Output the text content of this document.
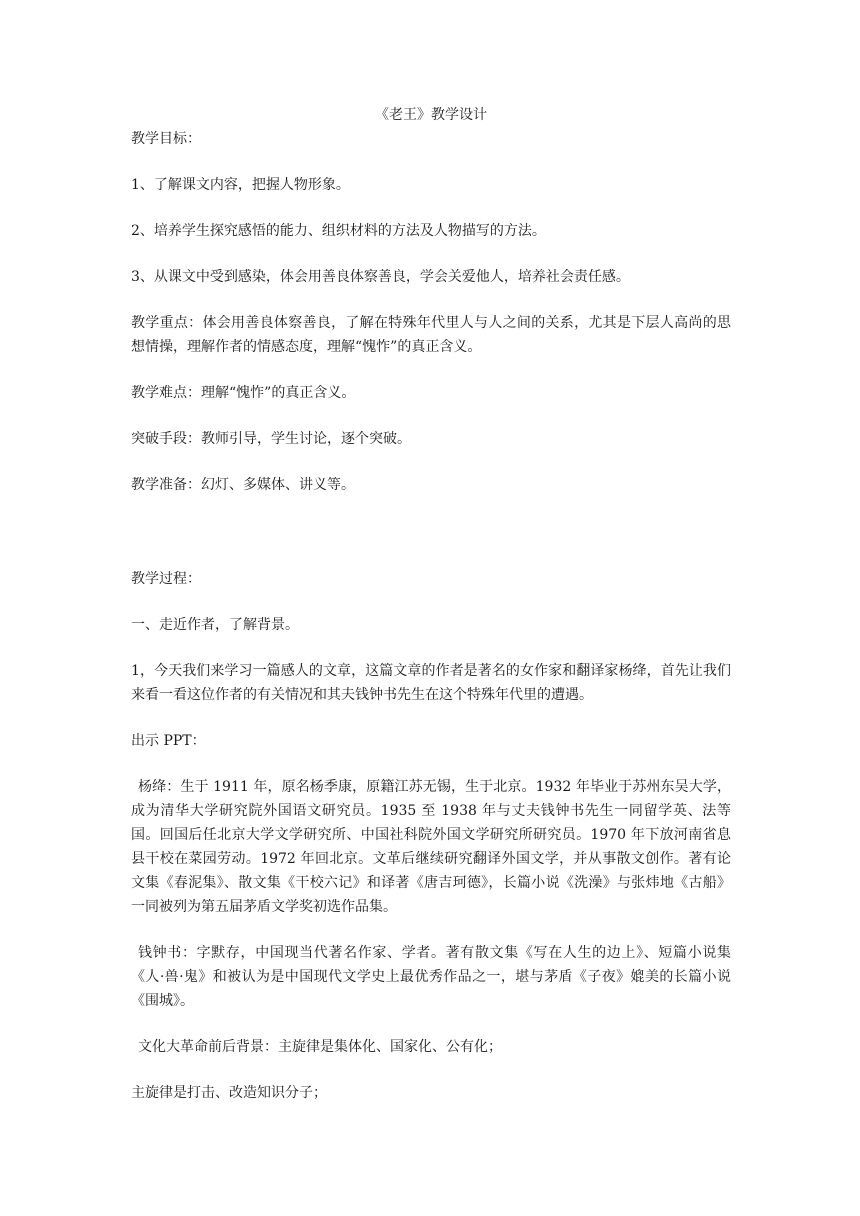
《老王》教学设计

教学目标：

1、了解课文内容，把握人物形象。

2、培养学生探究感悟的能力、组织材料的方法及人物描写的方法。

3、从课文中受到感染，体会用善良体察善良，学会关爱他人，培养社会责任感。

教学重点：体会用善良体察善良，了解在特殊年代里人与人之间的关系，尤其是下层人高尚的思想情操，理解作者的情感态度，理解“愧怍”的真正含义。

教学难点：理解“愧怍”的真正含义。

突破手段：教师引导，学生讨论，逐个突破。

教学准备：幻灯、多媒体、讲义等。

教学过程：

一、走近作者，了解背景。

1，今天我们来学习一篇感人的文章，这篇文章的作者是著名的女作家和翻译家杨绛，首先让我们来看一看这位作者的有关情况和其夫钱钟书先生在这个特殊年代里的遭遇。

出示 PPT：

杨绛：生于 1911 年，原名杨季康，原籍江苏无锡，生于北京。1932 年毕业于苏州东吴大学，成为清华大学研究院外国语文研究员。1935 至 1938 年与丈夫钱钟书先生一同留学英、法等国。回国后任北京大学文学研究所、中国社科院外国文学研究所研究员。1970 年下放河南省息县干校在菜园劳动。1972 年回北京。文革后继续研究翻译外国文学，并从事散文创作。著有论文集《春泥集》、散文集《干校六记》和译著《唐吉珂德》，长篇小说《洗澡》与张炜地《古船》一同被列为第五届茅盾文学奖初选作品集。

钱钟书：字默存，中国现当代著名作家、学者。著有散文集《写在人生的边上》、短篇小说集《人·兽·鬼》和被认为是中国现代文学史上最优秀作品之一，堪与茅盾《子夜》媲美的长篇小说《围城》。

文化大革命前后背景：主旋律是集体化、国家化、公有化；

主旋律是打击、改造知识分子；
